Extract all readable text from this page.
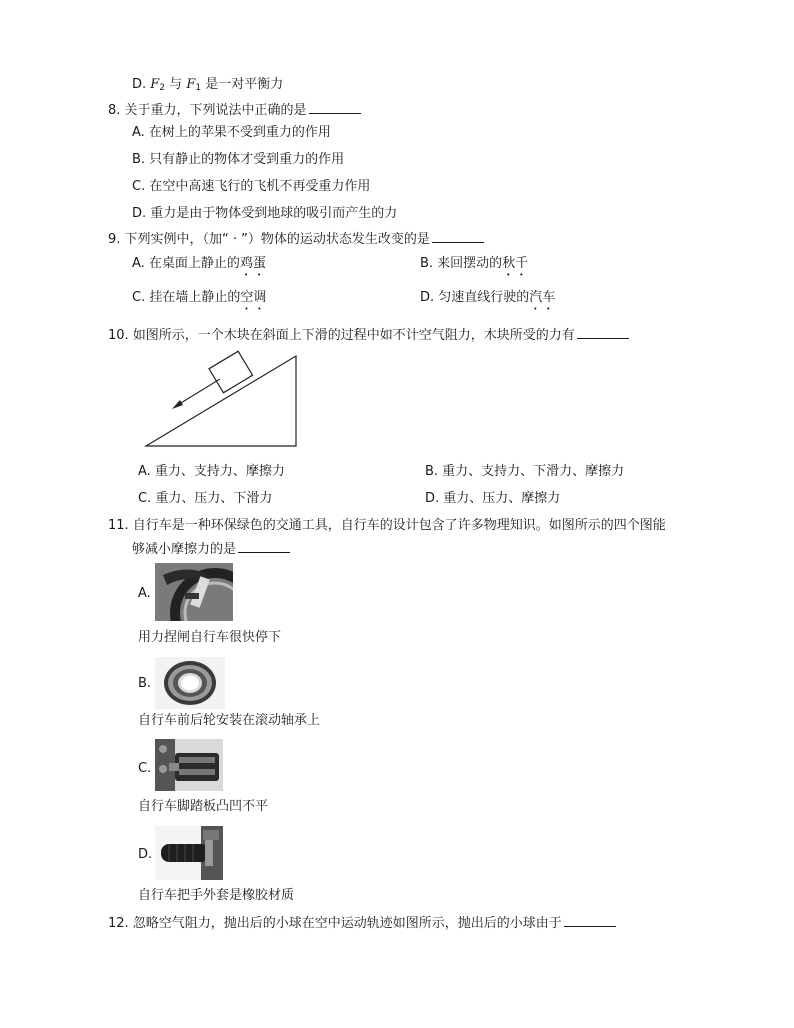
D. $F_2$ 与 $F_1$ 是一对平衡力
8. 关于重力，下列说法中正确的是
A. 在树上的苹果不受到重力的作用
B. 只有静止的物体才受到重力的作用
C. 在空中高速飞行的飞机不再受重力作用
D. 重力是由于物体受到地球的吸引而产生的力
9. 下列实例中，（加“ · ”）物体的运动状态发生改变的是
A. 在桌面上静止的鸡蛋	B. 来回摆动的秋千
C. 挂在墙上静止的空调	D. 匀速直线行驶的汽车
10. 如图所示，一个木块在斜面上下滑的过程中如不计空气阻力，木块所受的力有
A. 重力、支持力、摩擦力	B. 重力、支持力、下滑力、摩擦力
C. 重力、压力、下滑力	D. 重力、压力、摩擦力
11. 自行车是一种环保绿色的交通工具，自行车的设计包含了许多物理知识。如图所示的四个图能
够减小摩擦力的是
A.
用力捏闸自行车很快停下
B.
自行车前后轮安装在滚动轴承上
C.
自行车脚踏板凸凹不平
D.
自行车把手外套是橡胶材质
12. 忽略空气阻力，抛出后的小球在空中运动轨迹如图所示，抛出后的小球由于
